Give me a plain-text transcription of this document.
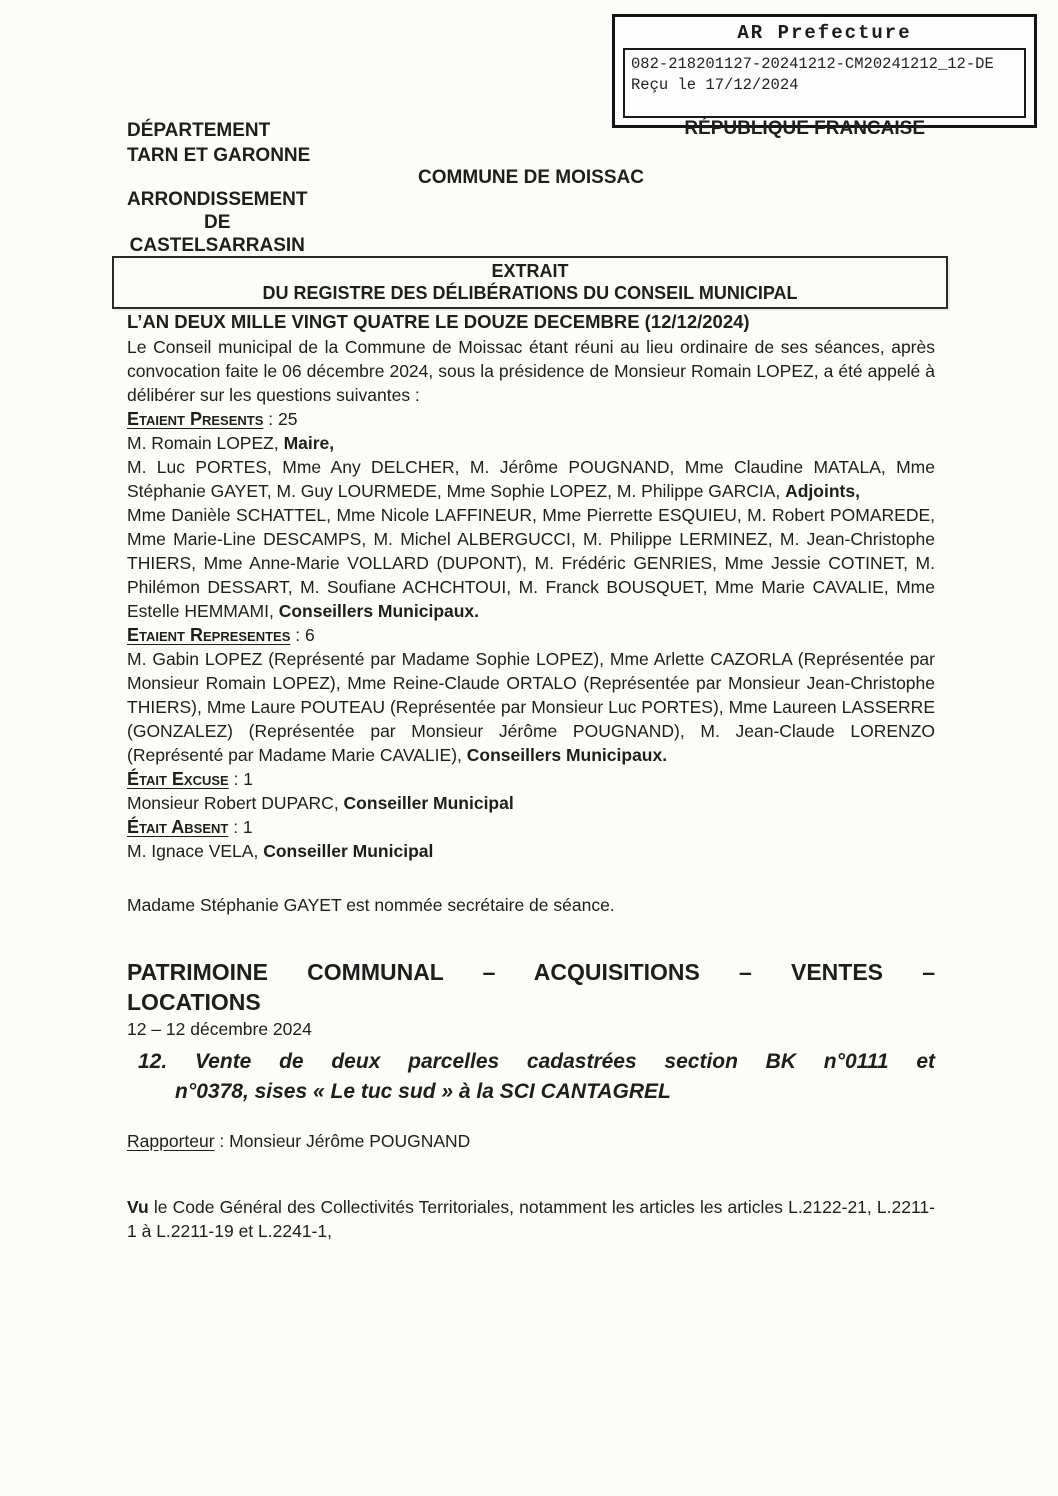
AR Prefecture
082-218201127-20241212-CM20241212_12-DE
Reçu le 17/12/2024
DÉPARTEMENT
TARN ET GARONNE
RÉPUBLIQUE FRANCAISE
COMMUNE DE MOISSAC
ARRONDISSEMENT
DE
CASTELSARRASIN
EXTRAIT
DU REGISTRE DES DÉLIBÉRATIONS DU CONSEIL MUNICIPAL
L’AN DEUX MILLE VINGT QUATRE LE DOUZE DECEMBRE (12/12/2024)

Le Conseil municipal de la Commune de Moissac étant réuni au lieu ordinaire de ses séances, après convocation faite le 06 décembre 2024, sous la présidence de Monsieur Romain LOPEZ, a été appelé à délibérer sur les questions suivantes :

Etaient Presents : 25
M. Romain LOPEZ, Maire,

M. Luc PORTES, Mme Any DELCHER, M. Jérôme POUGNAND, Mme Claudine MATALA, Mme Stéphanie GAYET, M. Guy LOURMEDE, Mme Sophie LOPEZ, M. Philippe GARCIA, Adjoints,

Mme Danièle SCHATTEL, Mme Nicole LAFFINEUR, Mme Pierrette ESQUIEU, M. Robert POMAREDE, Mme Marie-Line DESCAMPS, M. Michel ALBERGUCCI, M. Philippe LERMINEZ, M. Jean-Christophe THIERS, Mme Anne-Marie VOLLARD (DUPONT), M. Frédéric GENRIES, Mme Jessie COTINET, M. Philémon DESSART, M. Soufiane ACHCHTOUI, M. Franck BOUSQUET, Mme Marie CAVALIE, Mme Estelle HEMMAMI, Conseillers Municipaux.

Etaient Representes : 6

M. Gabin LOPEZ (Représenté par Madame Sophie LOPEZ), Mme Arlette CAZORLA (Représentée par Monsieur Romain LOPEZ), Mme Reine-Claude ORTALO (Représentée par Monsieur Jean-Christophe THIERS), Mme Laure POUTEAU (Représentée par Monsieur Luc PORTES), Mme Laureen LASSERRE (GONZALEZ) (Représentée par Monsieur Jérôme POUGNAND), M. Jean-Claude LORENZO (Représenté par Madame Marie CAVALIE), Conseillers Municipaux.

Était Excuse : 1
Monsieur Robert DUPARC, Conseiller Municipal
Était Absent : 1
M. Ignace VELA, Conseiller Municipal
Madame Stéphanie GAYET est nommée secrétaire de séance.
PATRIMOINE COMMUNAL – ACQUISITIONS – VENTES –
LOCATIONS
12 – 12 décembre 2024
12. Vente de deux parcelles cadastrées section BK n°0111 et
n°0378, sises « Le tuc sud » à la SCI CANTAGREL
Rapporteur : Monsieur Jérôme POUGNAND

Vu le Code Général des Collectivités Territoriales, notamment les articles les articles L.2122-21, L.2211-1 à L.2211-19 et L.2241-1,
